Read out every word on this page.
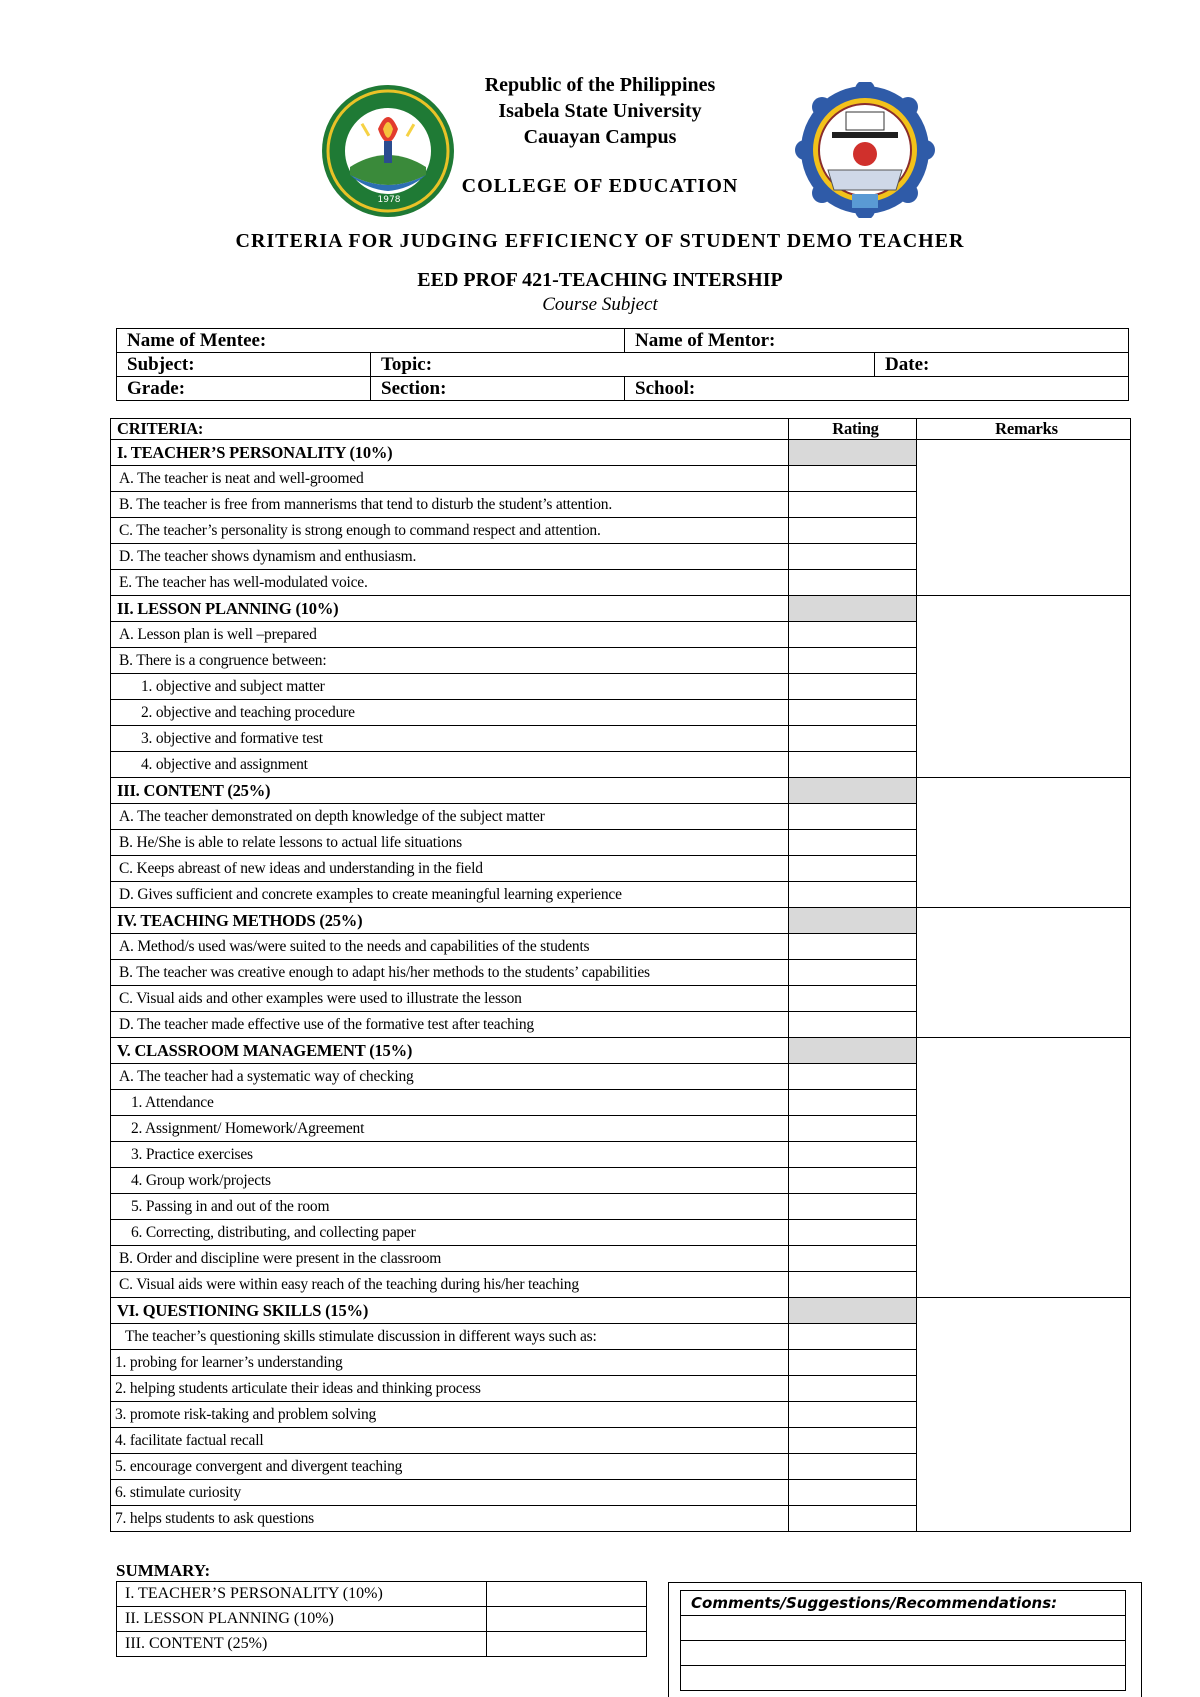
1978
Republic of the Philippines
Isabela State University
Cauayan Campus
COLLEGE OF EDUCATION
CRITERIA FOR JUDGING EFFICIENCY OF STUDENT DEMO TEACHER
EED PROF 421-TEACHING INTERSHIP
Course Subject
Name of Mentee:		Name of Mentor:	
Subject:	Topic:		Date:
Grade:	Section:	School:	
CRITERIA:	Rating	Remarks
I. TEACHER’S PERSONALITY (10%)		
A. The teacher is neat and well-groomed		
B. The teacher is free from mannerisms that tend to disturb the student’s attention.		
C. The teacher’s personality is strong enough to command respect and attention.		
D. The teacher shows dynamism and enthusiasm.		
E. The teacher has well-modulated voice.		
II. LESSON PLANNING (10%)		
A. Lesson plan is well –prepared		
B. There is a congruence between:		
1. objective and subject matter		
2. objective and teaching procedure		
3. objective and formative test		
4. objective and assignment		
III. CONTENT (25%)		
A. The teacher demonstrated on depth knowledge of the subject matter		
B. He/She is able to relate lessons to actual life situations		
C. Keeps abreast of new ideas and understanding in the field		
D. Gives sufficient and concrete examples to create meaningful learning experience		
IV. TEACHING METHODS (25%)		
A. Method/s used was/were suited to the needs and capabilities of the students		
B. The teacher was creative enough to adapt his/her methods to the students’ capabilities		
C. Visual aids and other examples were used to illustrate the lesson		
D. The teacher made effective use of the formative test after teaching		
V. CLASSROOM MANAGEMENT (15%)		
A. The teacher had a systematic way of checking		
1. Attendance		
2. Assignment/ Homework/Agreement		
3. Practice exercises		
4. Group work/projects		
5. Passing in and out of the room		
6. Correcting, distributing, and collecting paper		
B. Order and discipline were present in the classroom		
C. Visual aids were within easy reach of the teaching during his/her teaching		
VI. QUESTIONING SKILLS (15%)		
The teacher’s questioning skills stimulate discussion in different ways such as:		
1. probing for learner’s understanding		
2. helping students articulate their ideas and thinking process		
3. promote risk-taking and problem solving		
4. facilitate factual recall		
5. encourage convergent and divergent teaching		
6. stimulate curiosity		
7. helps students to ask questions		
SUMMARY:
I. TEACHER’S PERSONALITY (10%)	
II. LESSON PLANNING (10%)	
III. CONTENT (25%)	
Comments/Suggestions/Recommendations:
